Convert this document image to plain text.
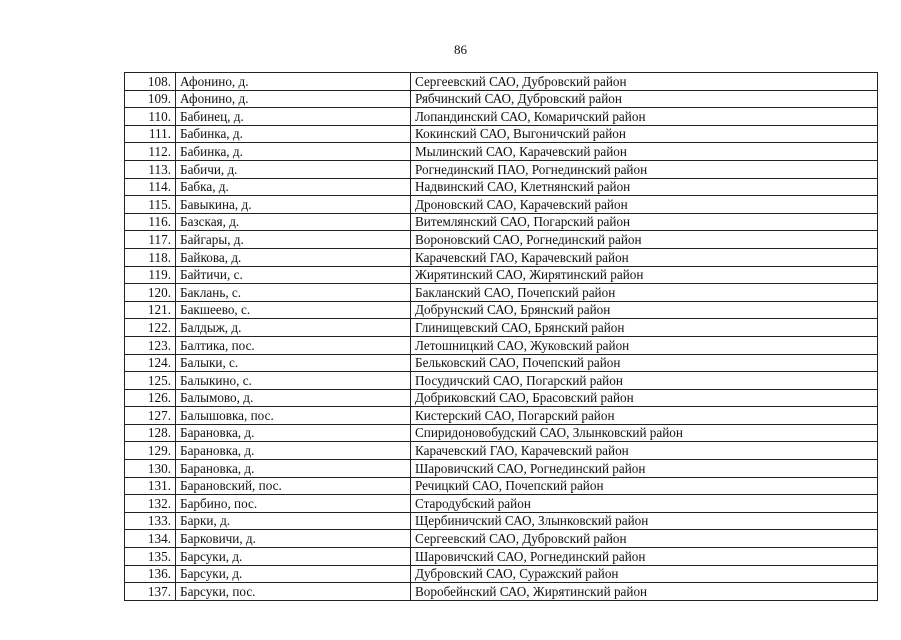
86
108.	Афонино, д.	Сергеевский САО, Дубровский район
109.	Афонино, д.	Рябчинский САО, Дубровский район
110.	Бабинец, д.	Лопандинский САО, Комаричский район
111.	Бабинка, д.	Кокинский САО, Выгоничский район
112.	Бабинка, д.	Мылинский САО, Карачевский район
113.	Бабичи, д.	Рогнединский ПАО, Рогнединский район
114.	Бабка, д.	Надвинский САО, Клетнянский район
115.	Бавыкина, д.	Дроновский САО, Карачевский район
116.	Базская, д.	Витемлянский САО, Погарский район
117.	Байгары, д.	Вороновский САО, Рогнединский район
118.	Байкова, д.	Карачевский ГАО, Карачевский район
119.	Байтичи, с.	Жирятинский САО, Жирятинский район
120.	Баклань, с.	Бакланский САО, Почепский район
121.	Бакшеево, с.	Добрунский САО, Брянский район
122.	Балдыж, д.	Глинищевский САО, Брянский район
123.	Балтика, пос.	Летошницкий САО, Жуковский район
124.	Балыки, с.	Бельковский САО, Почепский район
125.	Балыкино, с.	Посудичский САО, Погарский район
126.	Балымово, д.	Добриковский САО, Брасовский район
127.	Балышовка, пос.	Кистерский САО, Погарский район
128.	Барановка, д.	Спиридоновобудский САО, Злынковский район
129.	Барановка, д.	Карачевский ГАО, Карачевский район
130.	Барановка, д.	Шаровичский САО, Рогнединский район
131.	Барановский, пос.	Речицкий САО, Почепский район
132.	Барбино, пос.	Стародубский район
133.	Барки, д.	Щербиничский САО, Злынковский район
134.	Барковичи, д.	Сергеевский САО, Дубровский район
135.	Барсуки, д.	Шаровичский САО, Рогнединский район
136.	Барсуки, д.	Дубровский САО, Суражский район
137.	Барсуки, пос.	Воробейнский САО, Жирятинский район
